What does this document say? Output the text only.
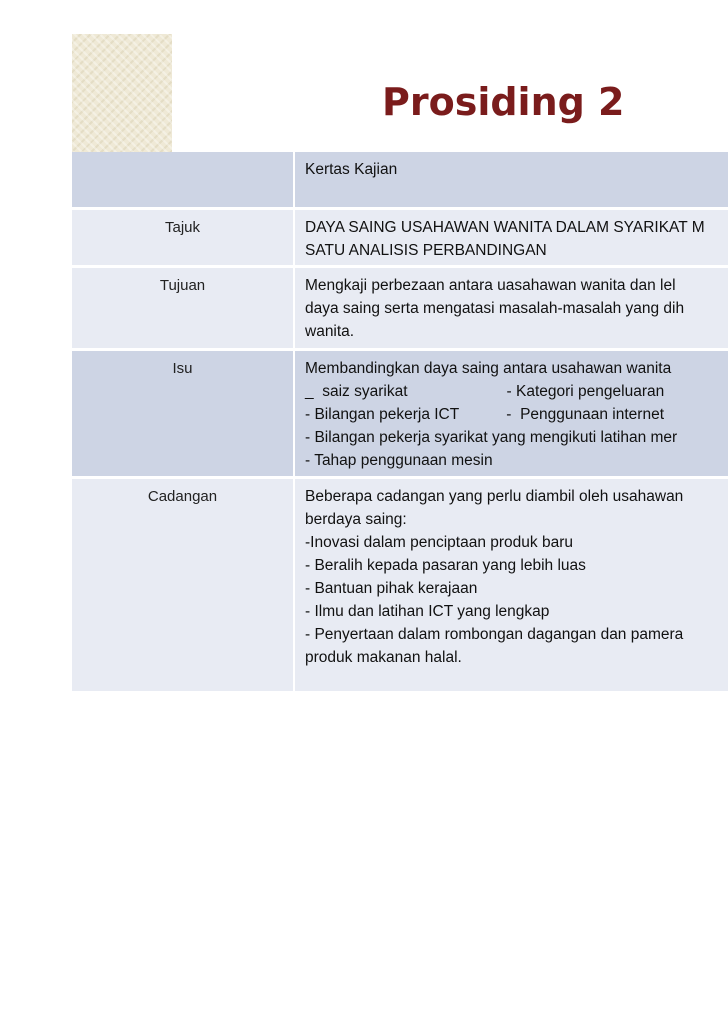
Prosiding 2
Kertas Kajian
Tajuk	DAYA SAING USAHAWAN WANITA DALAM SYARIKAT M
SATU ANALISIS PERBANDINGAN
Tujuan	Mengkaji perbezaan antara uasahawan wanita dan lel
daya saing serta mengatasi masalah-masalah yang dih
wanita.
Isu	Membandingkan daya saing antara usahawan wanita
_  saiz syarikat                       - Kategori pengeluaran
- Bilangan pekerja ICT           -  Penggunaan internet
- Bilangan pekerja syarikat yang mengikuti latihan mer
- Tahap penggunaan mesin
Cadangan	Beberapa cadangan yang perlu diambil oleh usahawan
berdaya saing:
-Inovasi dalam penciptaan produk baru
- Beralih kepada pasaran yang lebih luas
- Bantuan pihak kerajaan
- Ilmu dan latihan ICT yang lengkap
- Penyertaan dalam rombongan dagangan dan pamera
produk makanan halal.
